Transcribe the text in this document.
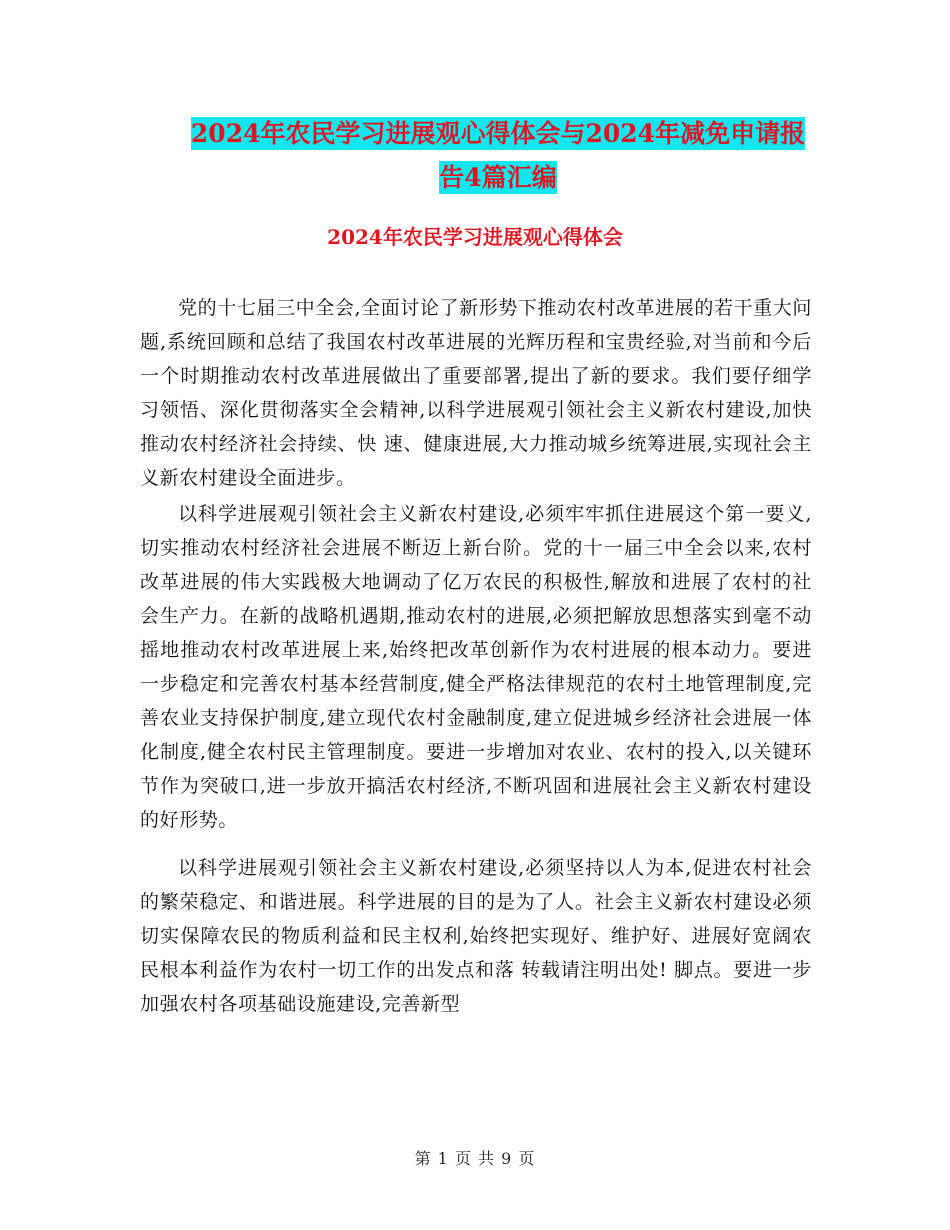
2024年农民学习进展观心得体会与2024年减免申请报
告4篇汇编
2024年农民学习进展观心得体会

党的十七届三中全会,全面讨论了新形势下推动农村改革进展的若干重大问题,系统回顾和总结了我国农村改革进展的光辉历程和宝贵经验,对当前和今后一个时期推动农村改革进展做出了重要部署,提出了新的要求。我们要仔细学习领悟、深化贯彻落实全会精神,以科学进展观引领社会主义新农村建设,加快推动农村经济社会持续、快 速、健康进展,大力推动城乡统筹进展,实现社会主义新农村建设全面进步。

以科学进展观引领社会主义新农村建设,必须牢牢抓住进展这个第一要义,切实推动农村经济社会进展不断迈上新台阶。党的十一届三中全会以来,农村改革进展的伟大实践极大地调动了亿万农民的积极性,解放和进展了农村的社会生产力。在新的战略机遇期,推动农村的进展,必须把解放思想落实到毫不动摇地推动农村改革进展上来,始终把改革创新作为农村进展的根本动力。要进一步稳定和完善农村基本经营制度,健全严格法律规范的农村土地管理制度,完善农业支持保护制度,建立现代农村金融制度,建立促进城乡经济社会进展一体化制度,健全农村民主管理制度。要进一步增加对农业、农村的投入,以关键环节作为突破口,进一步放开搞活农村经济,不断巩固和进展社会主义新农村建设的好形势。

以科学进展观引领社会主义新农村建设,必须坚持以人为本,促进农村社会的繁荣稳定、和谐进展。科学进展的目的是为了人。社会主义新农村建设必须切实保障农民的物质利益和民主权利,始终把实现好、维护好、进展好宽阔农民根本利益作为农村一切工作的出发点和落 转载请注明出处! 脚点。要进一步加强农村各项基础设施建设,完善新型

第 1 页 共 9 页
